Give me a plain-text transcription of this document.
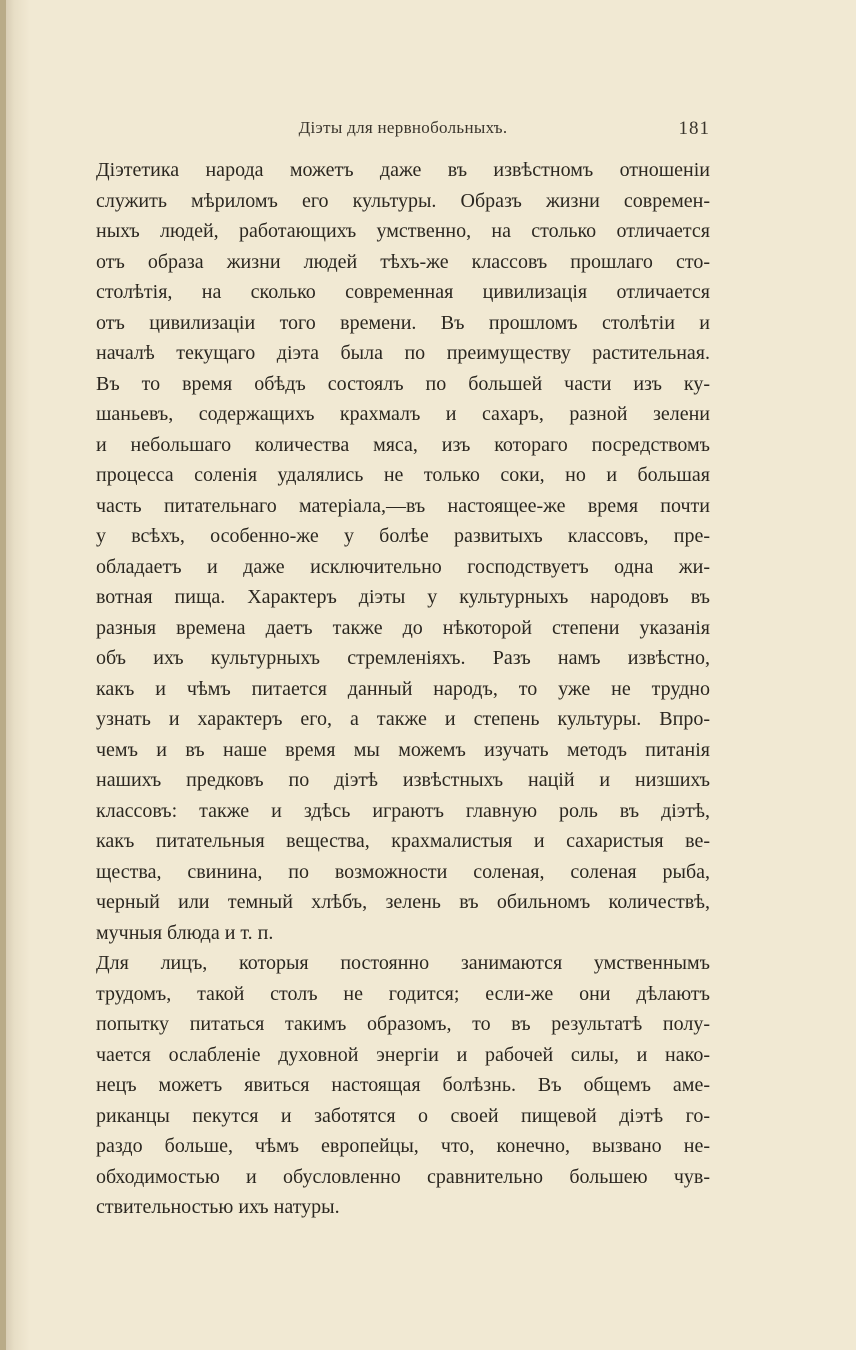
Діэты для нервнобольныхъ.	181
Діэтетика народа можетъ даже въ извѣстномъ отношеніи
служить мѣриломъ его культуры. Образъ жизни современ-
ныхъ людей, работающихъ умственно, на столько отличается
отъ образа жизни людей тѣхъ-же классовъ прошлаго сто-
столѣтія, на сколько современная цивилизація отличается
отъ цивилизаціи того времени. Въ прошломъ столѣтіи и
началѣ текущаго діэта была по преимуществу растительная.
Въ то время обѣдъ состоялъ по большей части изъ ку-
шаньевъ, содержащихъ крахмалъ и сахаръ, разной зелени
и небольшаго количества мяса, изъ котораго посредствомъ
процесса соленія удалялись не только соки, но и большая
часть питательнаго матеріала,—въ настоящее-же время почти
у всѣхъ, особенно-же у болѣе развитыхъ классовъ, пре-
обладаетъ и даже исключительно господствуетъ одна жи-
вотная пища. Характеръ діэты у культурныхъ народовъ въ
разныя времена даетъ также до нѣкоторой степени указанія
объ ихъ культурныхъ стремленіяхъ. Разъ намъ извѣстно,
какъ и чѣмъ питается данный народъ, то уже не трудно
узнать и характеръ его, а также и степень культуры. Впро-
чемъ и въ наше время мы можемъ изучать методъ питанія
нашихъ предковъ по діэтѣ извѣстныхъ націй и низшихъ
классовъ: также и здѣсь играютъ главную роль въ діэтѣ,
какъ питательныя вещества, крахмалистыя и сахаристыя ве-
щества, свинина, по возможности соленая, соленая рыба,
черный или темный хлѣбъ, зелень въ обильномъ количествѣ,
мучныя блюда и т. п.
Для лицъ, которыя постоянно занимаются умственнымъ
трудомъ, такой столъ не годится; если-же они дѣлаютъ
попытку питаться такимъ образомъ, то въ результатѣ полу-
чается ослабленіе духовной энергіи и рабочей силы, и нако-
нецъ можетъ явиться настоящая болѣзнь. Въ общемъ аме-
риканцы пекутся и заботятся о своей пищевой діэтѣ го-
раздо больше, чѣмъ европейцы, что, конечно, вызвано не-
обходимостью и обусловленно сравнительно большею чув-
ствительностью ихъ натуры.
